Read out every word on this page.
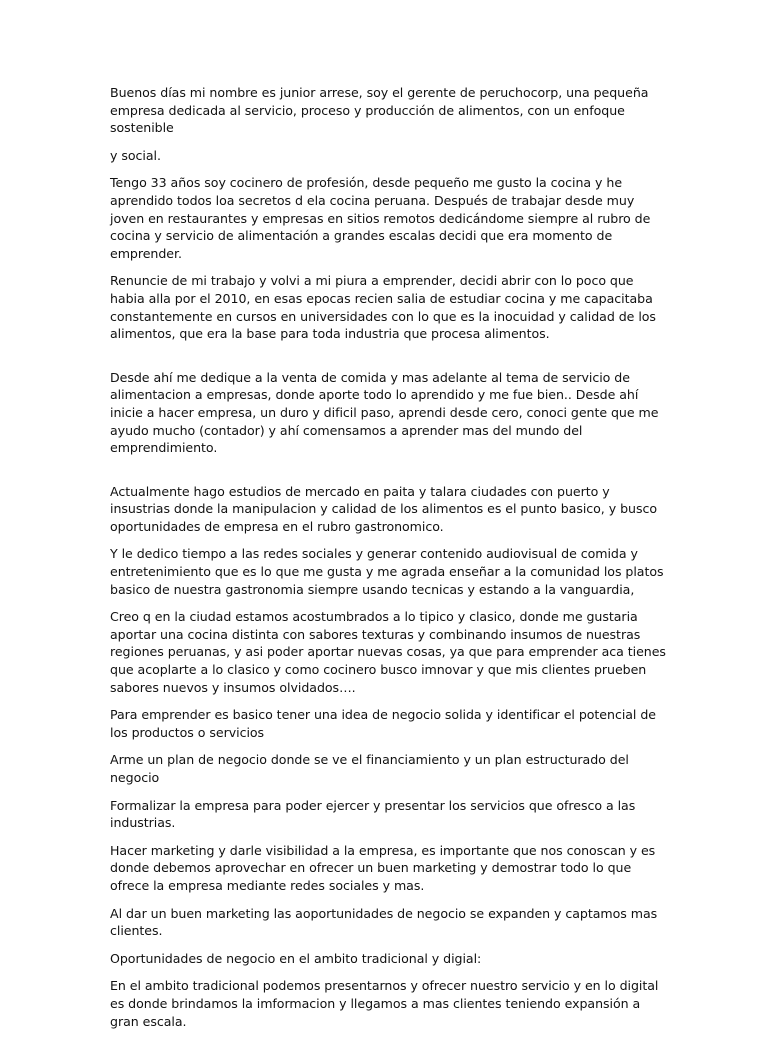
Buenos días mi nombre es junior arrese, soy el gerente de peruchocorp, una pequeña empresa dedicada al servicio, proceso y producción de alimentos, con un enfoque sostenible

y social.

Tengo 33 años soy cocinero de profesión, desde pequeño me gusto la cocina y he aprendido todos loa secretos d ela cocina peruana. Después de trabajar desde muy joven en restaurantes y empresas en sitios remotos dedicándome siempre al rubro de cocina y servicio de alimentación a grandes escalas decidi que era momento de emprender.

Renuncie de mi trabajo y volvi a mi piura a emprender, decidi abrir con lo poco que habia alla por el 2010, en esas epocas recien salia de estudiar cocina y me capacitaba constantemente en cursos en universidades con lo que es la inocuidad y calidad de los alimentos, que era la base para toda industria que procesa alimentos.

Desde ahí me dedique a la venta de comida y mas adelante al tema de servicio de alimentacion a empresas, donde aporte todo lo aprendido y me fue bien.. Desde ahí inicie a hacer empresa, un duro y dificil paso, aprendi desde cero, conoci gente que me ayudo mucho (contador) y ahí comensamos a aprender mas del mundo del emprendimiento.

Actualmente hago estudios de mercado en paita y talara ciudades con puerto y insustrias donde la manipulacion y calidad de los alimentos es el punto basico, y busco oportunidades de empresa en el rubro gastronomico.

Y le dedico tiempo a las redes sociales y generar contenido audiovisual de comida y entretenimiento que es lo que me gusta y me agrada enseñar a la comunidad los platos basico de nuestra gastronomia siempre usando tecnicas y estando a la vanguardia,

Creo q en la ciudad estamos acostumbrados a lo tipico y clasico, donde me gustaria aportar una cocina distinta con sabores texturas y combinando insumos de nuestras regiones peruanas, y asi poder aportar nuevas cosas, ya que para emprender aca tienes que acoplarte a lo clasico y como cocinero busco imnovar y que mis clientes prueben sabores nuevos y insumos olvidados….

Para emprender es basico tener una idea de negocio solida y identificar el potencial de los productos o servicios

Arme un plan de negocio donde se ve el financiamiento y un plan estructurado del negocio

Formalizar la empresa para poder ejercer y presentar los servicios que ofresco a las industrias.

Hacer marketing y darle visibilidad a la empresa, es importante que nos conoscan y es donde debemos aprovechar en ofrecer un buen marketing y demostrar todo lo que ofrece la empresa mediante redes sociales y mas.

Al dar un buen marketing las aoportunidades de negocio se expanden y captamos mas clientes.

Oportunidades de negocio en el ambito tradicional y digial:

En el ambito tradicional podemos presentarnos y ofrecer nuestro servicio y en lo digital es donde brindamos la imformacion y llegamos a mas clientes teniendo expansión a gran escala.
